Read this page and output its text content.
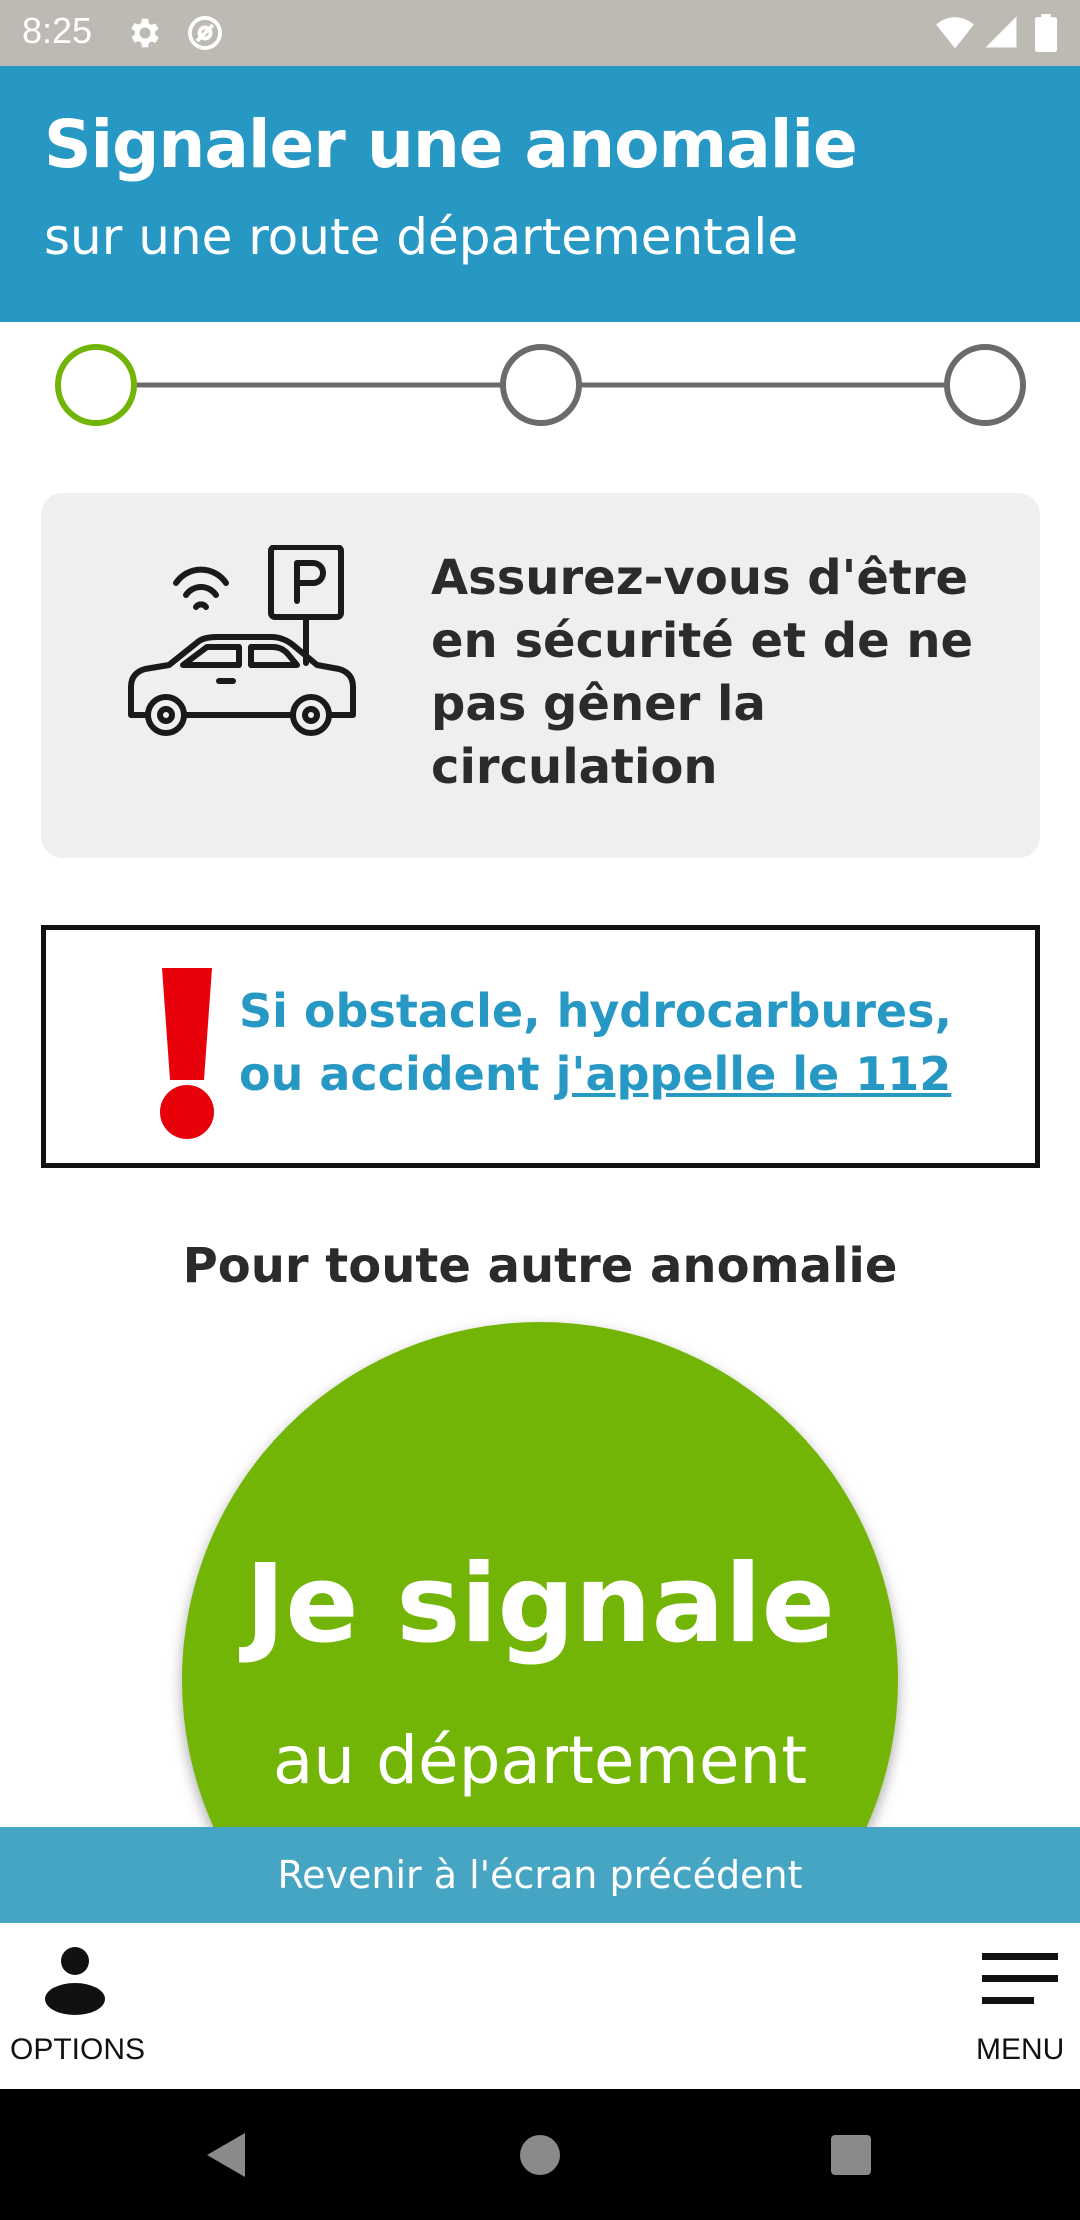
8:25
Signaler une anomalie
sur une route départementale
Assurez-vous d'être en sécurité et de ne pas gêner la circulation
Si obstacle, hydrocarbures,
ou accident j'appelle le 112
Pour toute autre anomalie
Je signale
au département
Revenir à l'écran précédent
OPTIONS	MENU
